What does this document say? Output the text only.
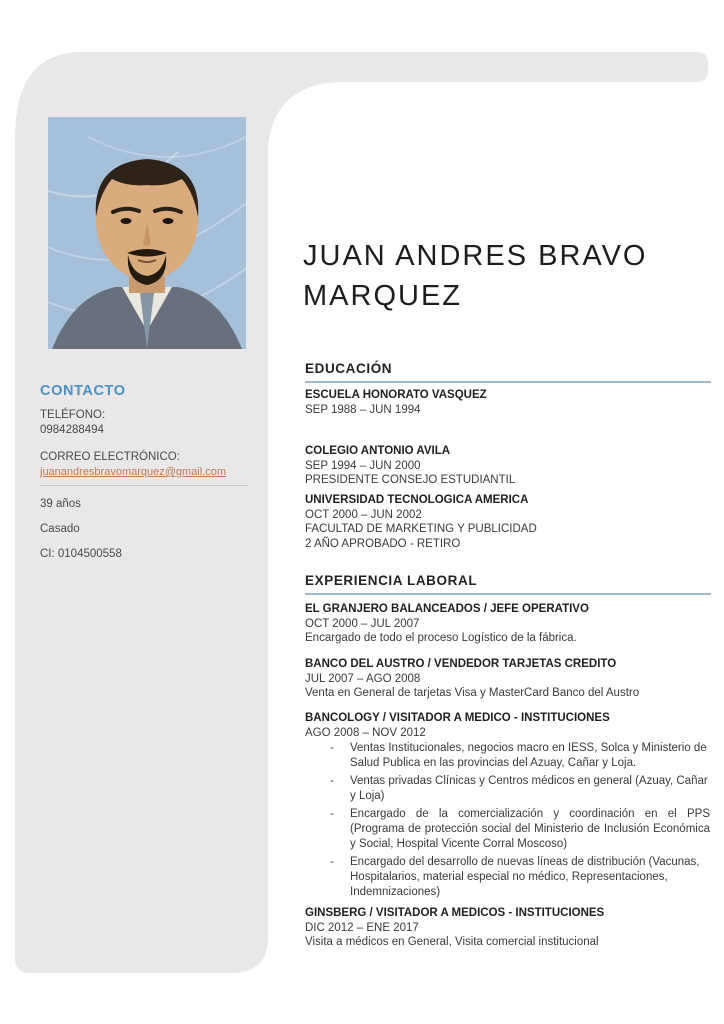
CONTACTO
TELÉFONO:
0984288494
CORREO ELECTRÓNICO:
juanandresbravomarquez@gmail.com
39 años
Casado
CI: 0104500558
JUAN ANDRES BRAVO MARQUEZ
EDUCACIÓN
ESCUELA HONORATO VASQUEZ
SEP 1988 – JUN 1994
COLEGIO ANTONIO AVILA
SEP 1994 – JUN 2000
PRESIDENTE CONSEJO ESTUDIANTIL
UNIVERSIDAD TECNOLOGICA AMERICA
OCT 2000 – JUN 2002
FACULTAD DE MARKETING Y PUBLICIDAD
2 AÑO APROBADO - RETIRO
EXPERIENCIA LABORAL
EL GRANJERO BALANCEADOS / JEFE OPERATIVO
OCT 2000 – JUL 2007
Encargado de todo el proceso Logístico de la fábrica.
BANCO DEL AUSTRO / VENDEDOR TARJETAS CREDITO
JUL 2007 – AGO 2008
Venta en General de tarjetas Visa y MasterCard Banco del Austro
BANCOLOGY / VISITADOR A MEDICO - INSTITUCIONES
AGO 2008 – NOV 2012
- Ventas Institucionales, negocios macro en IESS, Solca y Ministerio de Salud Publica en las provincias del Azuay, Cañar y Loja.
- Ventas privadas Clínicas y Centros médicos en general (Azuay, Cañar y Loja)
- Encargado de la comercialización y coordinación en el PPS (Programa de protección social del Ministerio de Inclusión Económica y Social, Hospital Vicente Corral Moscoso)
- Encargado del desarrollo de nuevas líneas de distribución (Vacunas, Hospitalarios, material especial no médico, Representaciones, Indemnizaciones)
GINSBERG / VISITADOR A MEDICOS - INSTITUCIONES
DIC 2012 – ENE 2017
Visita a médicos en General, Visita comercial institucional
